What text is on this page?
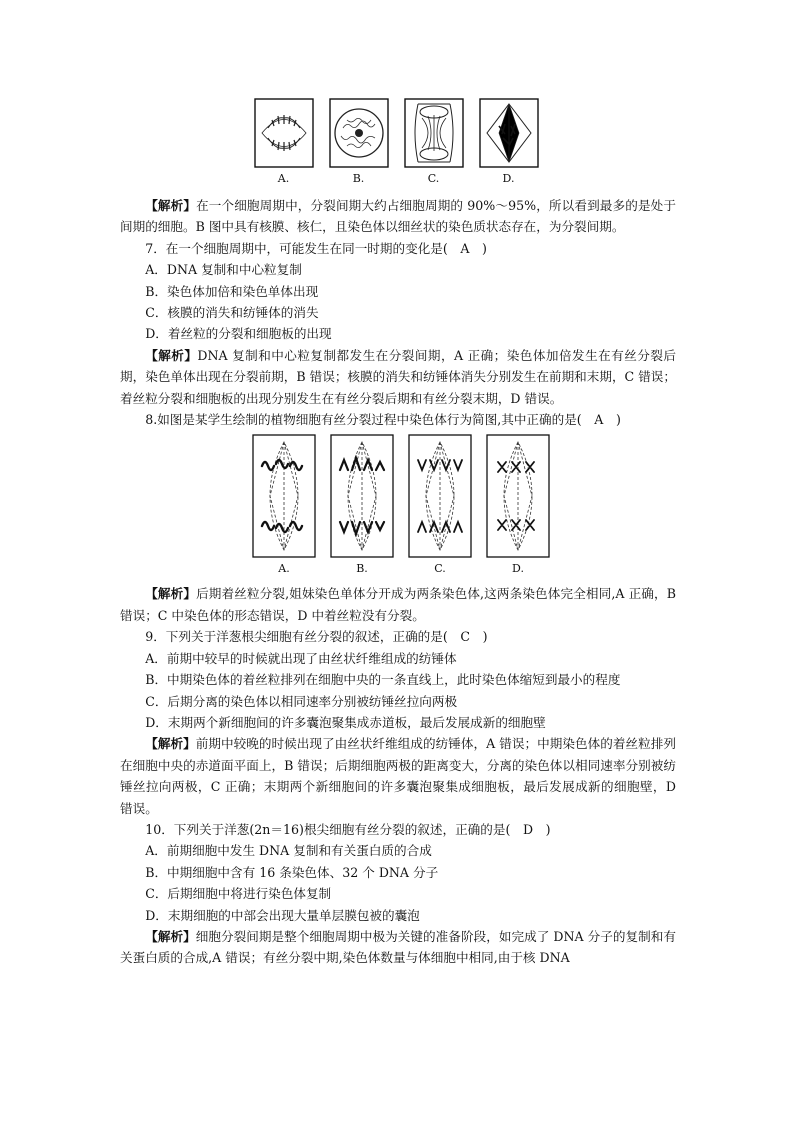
A.	B.	C.	D.

【解析】在一个细胞周期中，分裂间期大约占细胞周期的 90%～95%，所以看到最多的是处于间期的细胞。B 图中具有核膜、核仁，且染色体以细丝状的染色质状态存在，为分裂间期。

7．在一个细胞周期中，可能发生在同一时期的变化是(　A　)

A．DNA 复制和中心粒复制

B．染色体加倍和染色单体出现

C．核膜的消失和纺锤体的消失

D．着丝粒的分裂和细胞板的出现

【解析】DNA 复制和中心粒复制都发生在分裂间期，A 正确；染色体加倍发生在有丝分裂后期，染色单体出现在分裂前期，B 错误；核膜的消失和纺锤体消失分别发生在前期和末期，C 错误；着丝粒分裂和细胞板的出现分别发生在有丝分裂后期和有丝分裂末期，D 错误。

8.如图是某学生绘制的植物细胞有丝分裂过程中染色体行为简图,其中正确的是(　A　)

A.	B.	C.	D.

【解析】后期着丝粒分裂,姐妹染色单体分开成为两条染色体,这两条染色体完全相同,A 正确，B 错误；C 中染色体的形态错误，D 中着丝粒没有分裂。

9．下列关于洋葱根尖细胞有丝分裂的叙述，正确的是(　C　)

A．前期中较早的时候就出现了由丝状纤维组成的纺锤体

B．中期染色体的着丝粒排列在细胞中央的一条直线上，此时染色体缩短到最小的程度

C．后期分离的染色体以相同速率分别被纺锤丝拉向两极

D．末期两个新细胞间的许多囊泡聚集成赤道板，最后发展成新的细胞壁

【解析】前期中较晚的时候出现了由丝状纤维组成的纺锤体，A 错误；中期染色体的着丝粒排列在细胞中央的赤道面平面上，B 错误；后期细胞两极的距离变大，分离的染色体以相同速率分别被纺锤丝拉向两极，C 正确；末期两个新细胞间的许多囊泡聚集成细胞板，最后发展成新的细胞壁，D 错误。

10．下列关于洋葱(2n＝16)根尖细胞有丝分裂的叙述，正确的是(　D　)

A．前期细胞中发生 DNA 复制和有关蛋白质的合成

B．中期细胞中含有 16 条染色体、32 个 DNA 分子

C．后期细胞中将进行染色体复制

D．末期细胞的中部会出现大量单层膜包被的囊泡

【解析】细胞分裂间期是整个细胞周期中极为关键的准备阶段，如完成了 DNA 分子的复制和有关蛋白质的合成,A 错误；有丝分裂中期,染色体数量与体细胞中相同,由于核 DNA
